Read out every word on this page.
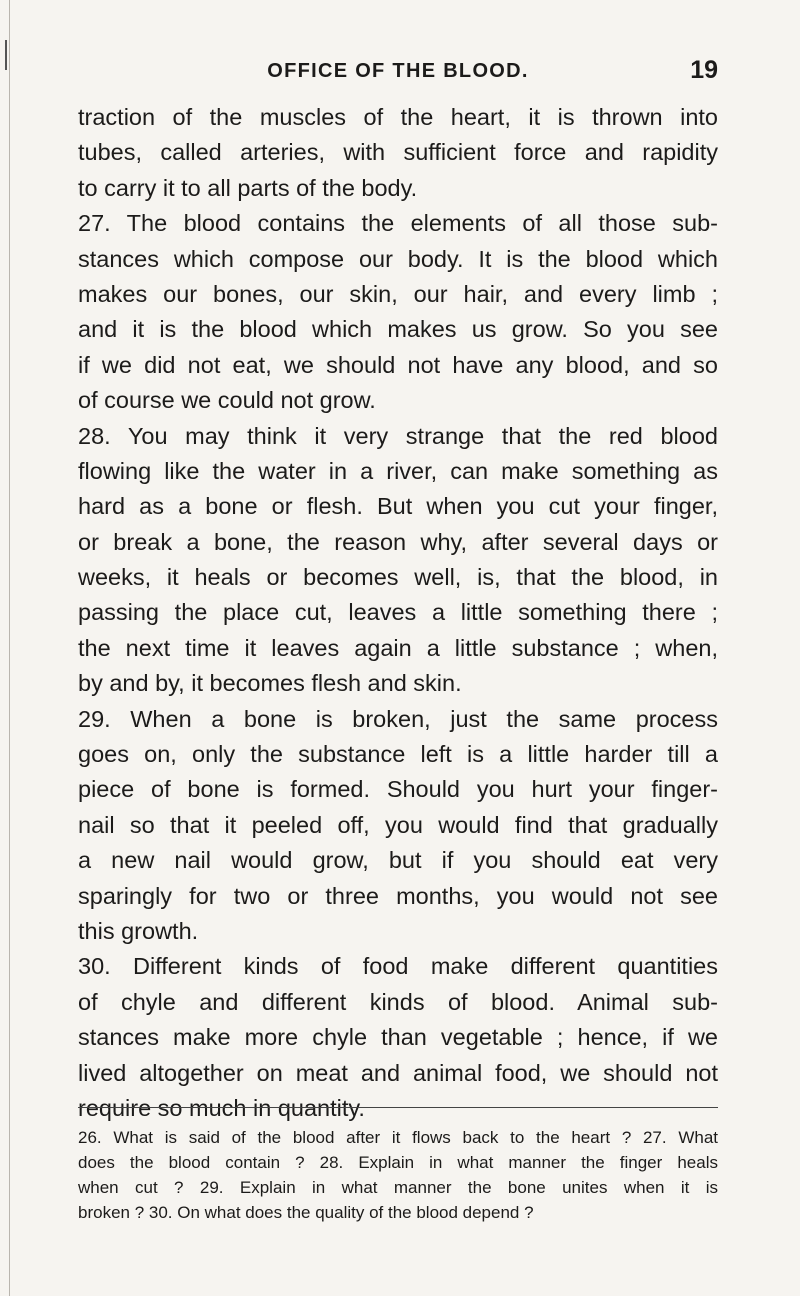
OFFICE OF THE BLOOD.	19
traction of the muscles of the heart, it is thrown into
tubes, called arteries, with sufficient force and rapidity
to carry it to all parts of the body.
27. The blood contains the elements of all those sub-
stances which compose our body. It is the blood which
makes our bones, our skin, our hair, and every limb ;
and it is the blood which makes us grow. So you see
if we did not eat, we should not have any blood, and so
of course we could not grow.
28. You may think it very strange that the red blood
flowing like the water in a river, can make something as
hard as a bone or flesh. But when you cut your finger,
or break a bone, the reason why, after several days or
weeks, it heals or becomes well, is, that the blood, in
passing the place cut, leaves a little something there ;
the next time it leaves again a little substance ; when,
by and by, it becomes flesh and skin.
29. When a bone is broken, just the same process
goes on, only the substance left is a little harder till a
piece of bone is formed. Should you hurt your finger-
nail so that it peeled off, you would find that gradually
a new nail would grow, but if you should eat very
sparingly for two or three months, you would not see
this growth.
30. Different kinds of food make different quantities
of chyle and different kinds of blood. Animal sub-
stances make more chyle than vegetable ; hence, if we
lived altogether on meat and animal food, we should not
require so much in quantity.
26. What is said of the blood after it flows back to the heart ? 27. What
does the blood contain ? 28. Explain in what manner the finger heals
when cut ? 29. Explain in what manner the bone unites when it is
broken ? 30. On what does the quality of the blood depend ?
